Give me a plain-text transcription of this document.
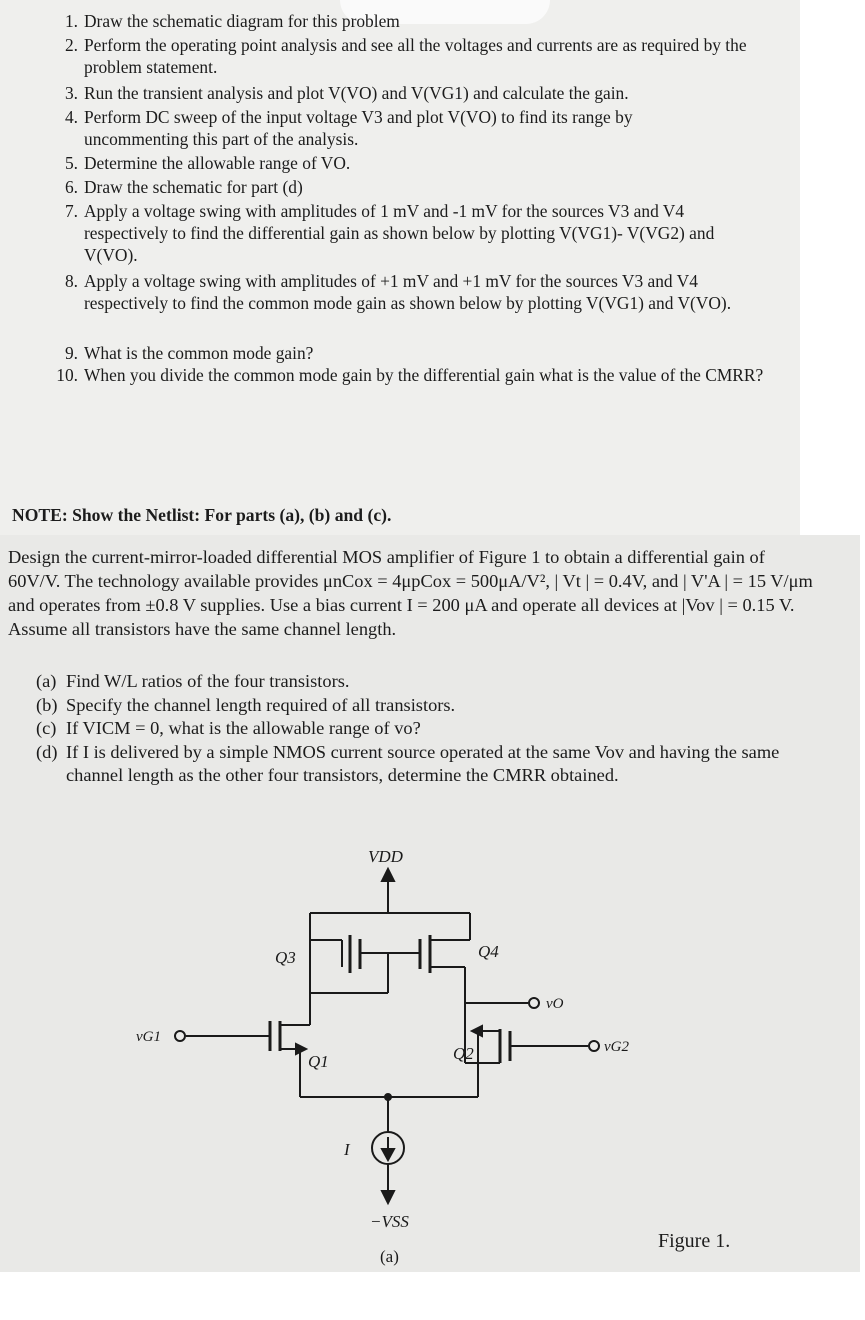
1. Draw the schematic diagram for this problem
2. Perform the operating point analysis and see all the voltages and currents are as required by the problem statement.
3. Run the transient analysis and plot V(VO) and V(VG1) and calculate the gain.
4. Perform DC sweep of the input voltage V3 and plot V(VO) to find its range by uncommenting this part of the analysis.
5. Determine the allowable range of VO.
6. Draw the schematic for part (d)
7. Apply a voltage swing with amplitudes of 1 mV and -1 mV for the sources V3 and V4 respectively to find the differential gain as shown below by plotting V(VG1)- V(VG2) and V(VO).
8. Apply a voltage swing with amplitudes of +1 mV and +1 mV for the sources V3 and V4 respectively to find the common mode gain as shown below by plotting V(VG1) and V(VO).
9. What is the common mode gain?
10. When you divide the common mode gain by the differential gain what is the value of the CMRR?
NOTE: Show the Netlist: For parts (a), (b) and (c).
Design the current-mirror-loaded differential MOS amplifier of Figure 1 to obtain a differential gain of 60V/V. The technology available provides μnCox = 4μpCox = 500μA/V², | Vt | = 0.4V, and | V'A | = 15 V/μm and operates from ±0.8 V supplies. Use a bias current I = 200 μA and operate all devices at |Vov | = 0.15 V. Assume all transistors have the same channel length.
(a) Find W/L ratios of the four transistors.
(b) Specify the channel length required of all transistors.
(c) If VICM = 0, what is the allowable range of vo?
(d) If I is delivered by a simple NMOS current source operated at the same Vov and having the same channel length as the other four transistors, determine the CMRR obtained.
VDD
Q3	Q4
vO
Q1	Q2
vG1
vG2
I
−VSS
(a)
Figure 1.
